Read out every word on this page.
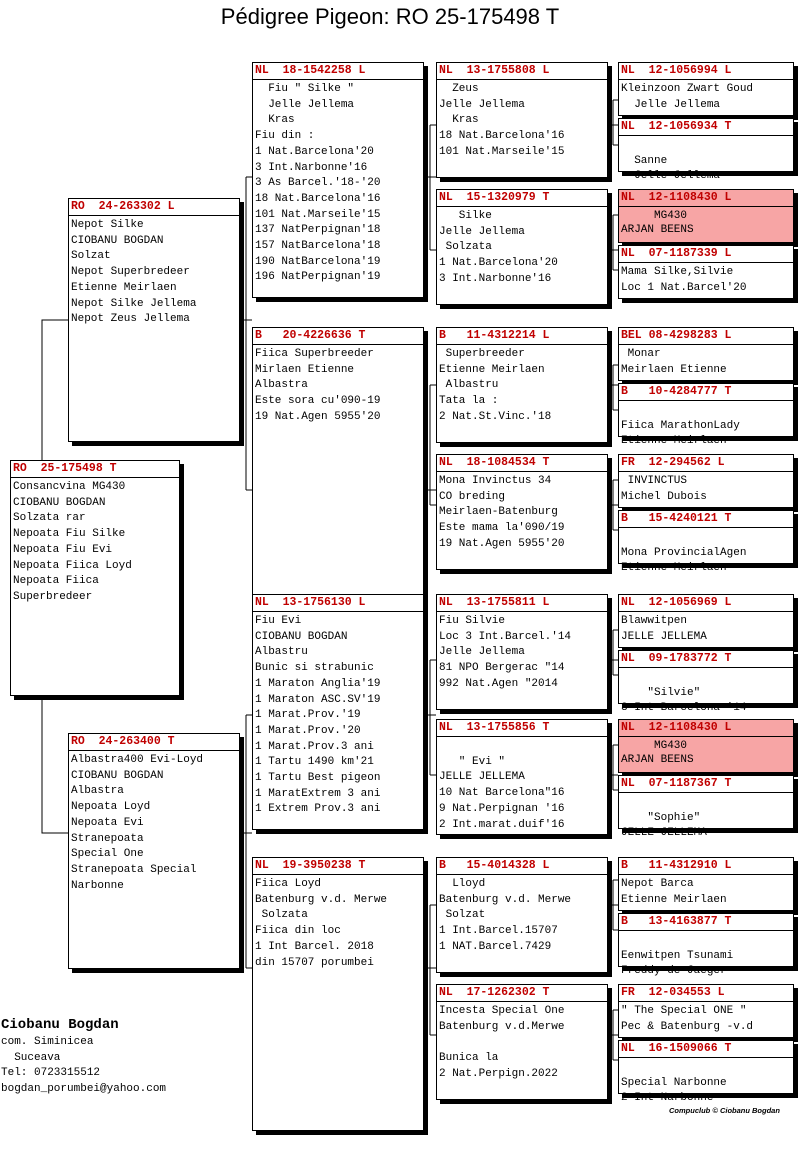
Pédigree Pigeon: RO 25-175498 T
RO  25-175498 T
Consancvina MG430
CIOBANU BOGDAN
Solzata rar
Nepoata Fiu Silke
Nepoata Fiu Evi
Nepoata Fiica Loyd
Nepoata Fiica
Superbredeer
RO  24-263302 L
Nepot Silke
CIOBANU BOGDAN
Solzat
Nepot Superbredeer
Etienne Meirlaen
Nepot Silke Jellema
Nepot Zeus Jellema
RO  24-263400 T
Albastra400 Evi-Loyd
CIOBANU BOGDAN
Albastra
Nepoata Loyd
Nepoata Evi
Stranepoata
Special One
Stranepoata Special
Narbonne
NL  18-1542258 L
Fiu " Silke "
Jelle Jellema
Kras
Fiu din :
1 Nat.Barcelona'20
3 Int.Narbonne'16
3 As Barcel.'18-'20
18 Nat.Barcelona'16
101 Nat.Marseile'15
137 NatPerpignan'18
157 NatBarcelona'18
190 NatBarcelona'19
196 NatPerpignan'19
B   20-4226636 T
Fiica Superbreeder
Mirlaen Etienne
Albastra
Este sora cu'090-19
19 Nat.Agen 5955'20
NL  13-1756130 L
Fiu Evi
CIOBANU BOGDAN
Albastru
Bunic si strabunic
1 Maraton Anglia'19
1 Maraton ASC.SV'19
1 Marat.Prov.'19
1 Marat.Prov.'20
1 Marat.Prov.3 ani
1 Tartu 1490 km'21
1 Tartu Best pigeon
1 MaratExtrem 3 ani
1 Extrem Prov.3 ani
NL  19-3950238 T
Fiica Loyd
Batenburg v.d. Merwe
Solzata
Fiica din loc
1 Int Barcel. 2018
din 15707 porumbei
NL  13-1755808 L
Zeus
Jelle Jellema
Kras
18 Nat.Barcelona'16
101 Nat.Marseile'15
NL  15-1320979 T
Silke
Jelle Jellema
Solzata
1 Nat.Barcelona'20
3 Int.Narbonne'16
B   11-4312214 L
Superbreeder
Etienne Meirlaen
Albastru
Tata la :
2 Nat.St.Vinc.'18
NL  18-1084534 T
Mona Invinctus 34
CO breding
Meirlaen-Batenburg
Este mama la'090/19
19 Nat.Agen 5955'20
NL  13-1755811 L
Fiu Silvie
Loc 3 Int.Barcel.'14
Jelle Jellema
81 NPO Bergerac "14
992 Nat.Agen "2014
NL  13-1755856 T
" Evi "
JELLE JELLEMA
10 Nat Barcelona"16
9 Nat.Perpignan '16
2 Int.marat.duif'16
B   15-4014328 L
Lloyd
Batenburg v.d. Merwe
Solzat
1 Int.Barcel.15707
1 NAT.Barcel.7429
NL  17-1262302 T
Incesta Special One
Batenburg v.d.Merwe
Bunica la
2 Nat.Perpign.2022
NL  12-1056994 L
Kleinzoon Zwart Goud
Jelle Jellema
NL  12-1056934 T
Sanne
Jelle Jellema
NL  12-1108430 L
MG430
ARJAN BEENS
NL  07-1187339 L
Mama Silke,Silvie
Loc 1 Nat.Barcel'20
BEL 08-4298283 L
Monar
Meirlaen Etienne
B   10-4284777 T
Fiica MarathonLady
Etienne Meirlaen
FR  12-294562 L
INVINCTUS
Michel Dubois
B   15-4240121 T
Mona ProvincialAgen
Etienne Meirlaen
NL  12-1056969 L
Blawwitpen
JELLE JELLEMA
NL  09-1783772 T
"Silvie"
3 Int Barcelona '14
NL  12-1108430 L
MG430
ARJAN BEENS
NL  07-1187367 T
"Sophie"
JELLE JELLEMA
B   11-4312910 L
Nepot Barca
Etienne Meirlaen
B   13-4163877 T
Eenwitpen Tsunami
Freddy de Jaeger
FR  12-034553 L
" The Special ONE "
Pec & Batenburg -v.d
NL  16-1509066 T
Special Narbonne
2 Int Narbonne
Ciobanu Bogdan
com. Siminicea
Suceava
Tel: 0723315512
bogdan_porumbei@yahoo.com
Compuclub © Ciobanu Bogdan
